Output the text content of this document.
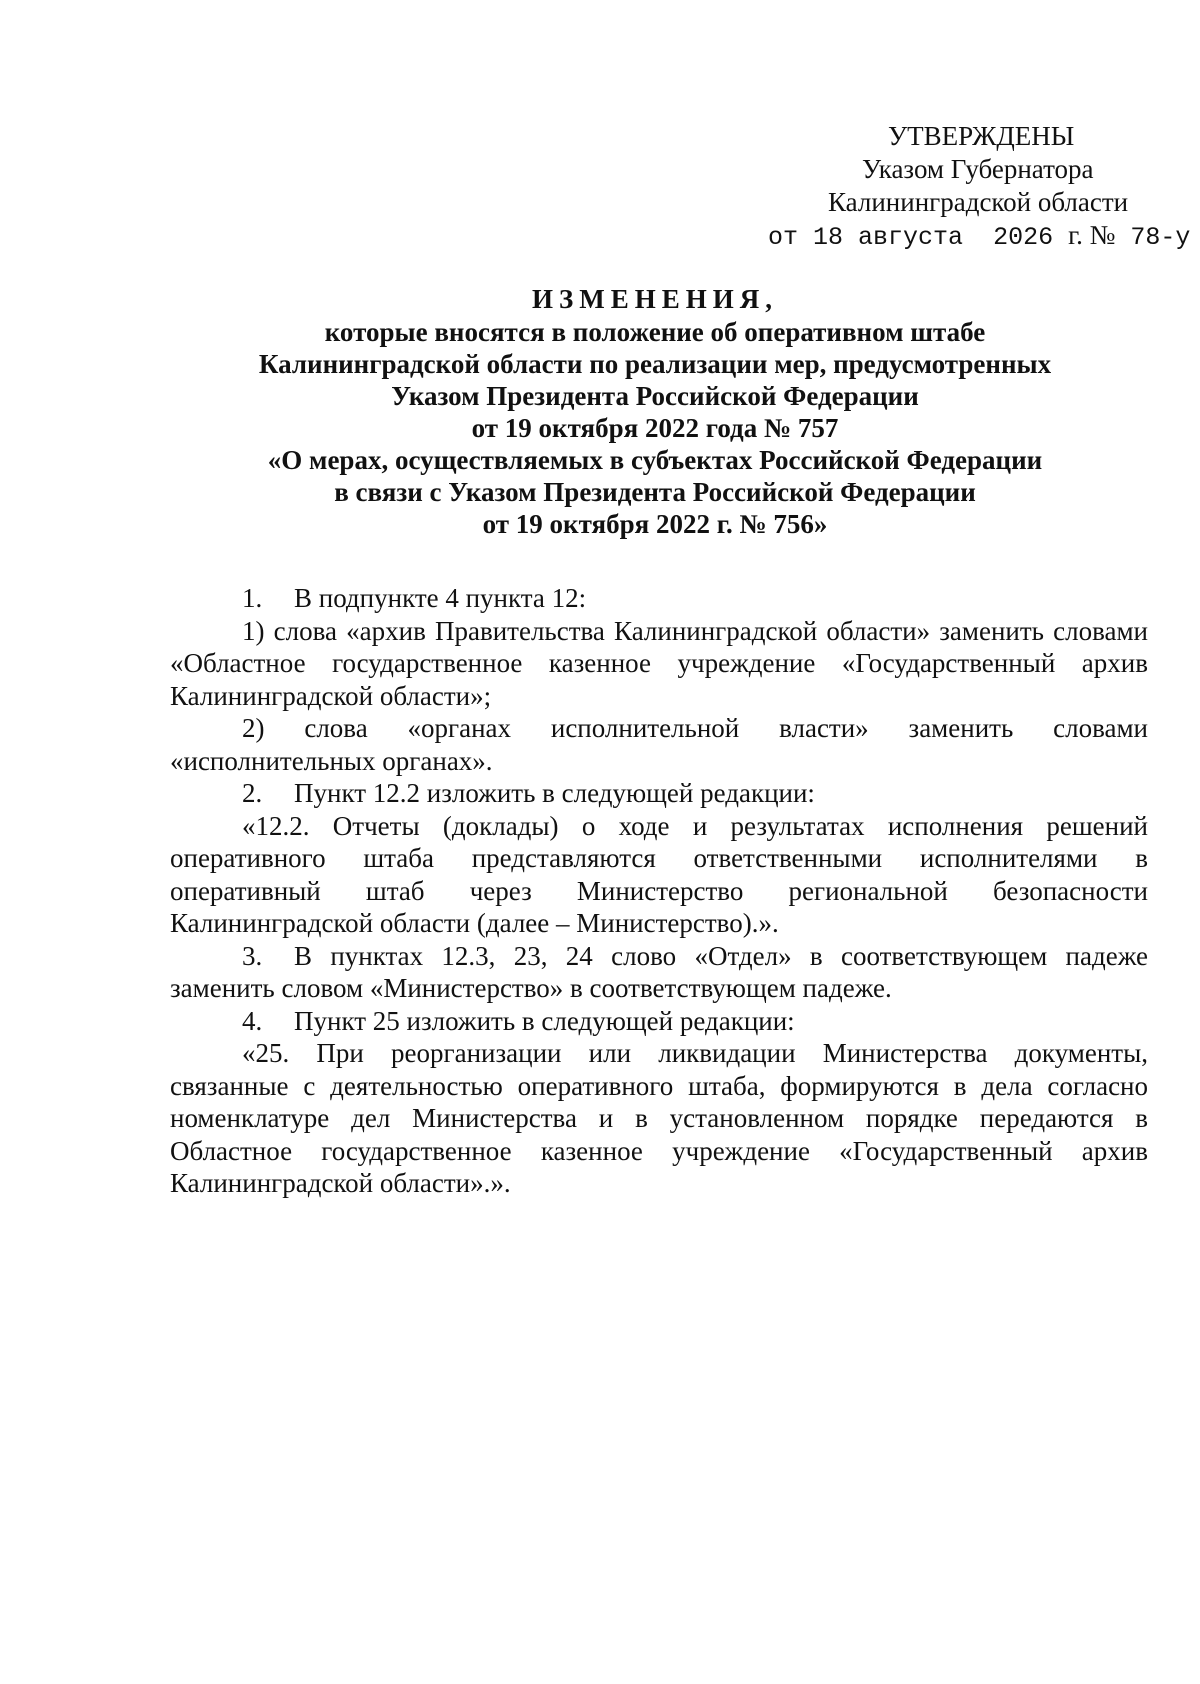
УТВЕРЖДЕНЫ
Указом Губернатора
Калининградской области
от 18 августа 2026 г. № 78-у
ИЗМЕНЕНИЯ,
которые вносятся в положение об оперативном штабе
Калининградской области по реализации мер, предусмотренных
Указом Президента Российской Федерации
от 19 октября 2022 года № 757
«О мерах, осуществляемых в субъектах Российской Федерации
в связи с Указом Президента Российской Федерации
от 19 октября 2022 г. № 756»

1. В подпункте 4 пункта 12:

1) слова «архив Правительства Калининградской области» заменить словами «Областное государственное казенное учреждение «Государственный архив Калининградской области»;

2) слова «органах исполнительной власти» заменить словами «исполнительных органах».

2. Пункт 12.2 изложить в следующей редакции:

«12.2. Отчеты (доклады) о ходе и результатах исполнения решений оперативного штаба представляются ответственными исполнителями в оперативный штаб через Министерство региональной безопасности Калининградской области (далее – Министерство).».

3. В пунктах 12.3, 23, 24 слово «Отдел» в соответствующем падеже заменить словом «Министерство» в соответствующем падеже.

4. Пункт 25 изложить в следующей редакции:

«25. При реорганизации или ликвидации Министерства документы, связанные с деятельностью оперативного штаба, формируются в дела согласно номенклатуре дел Министерства и в установленном порядке передаются в Областное государственное казенное учреждение «Государственный архив Калининградской области».».
